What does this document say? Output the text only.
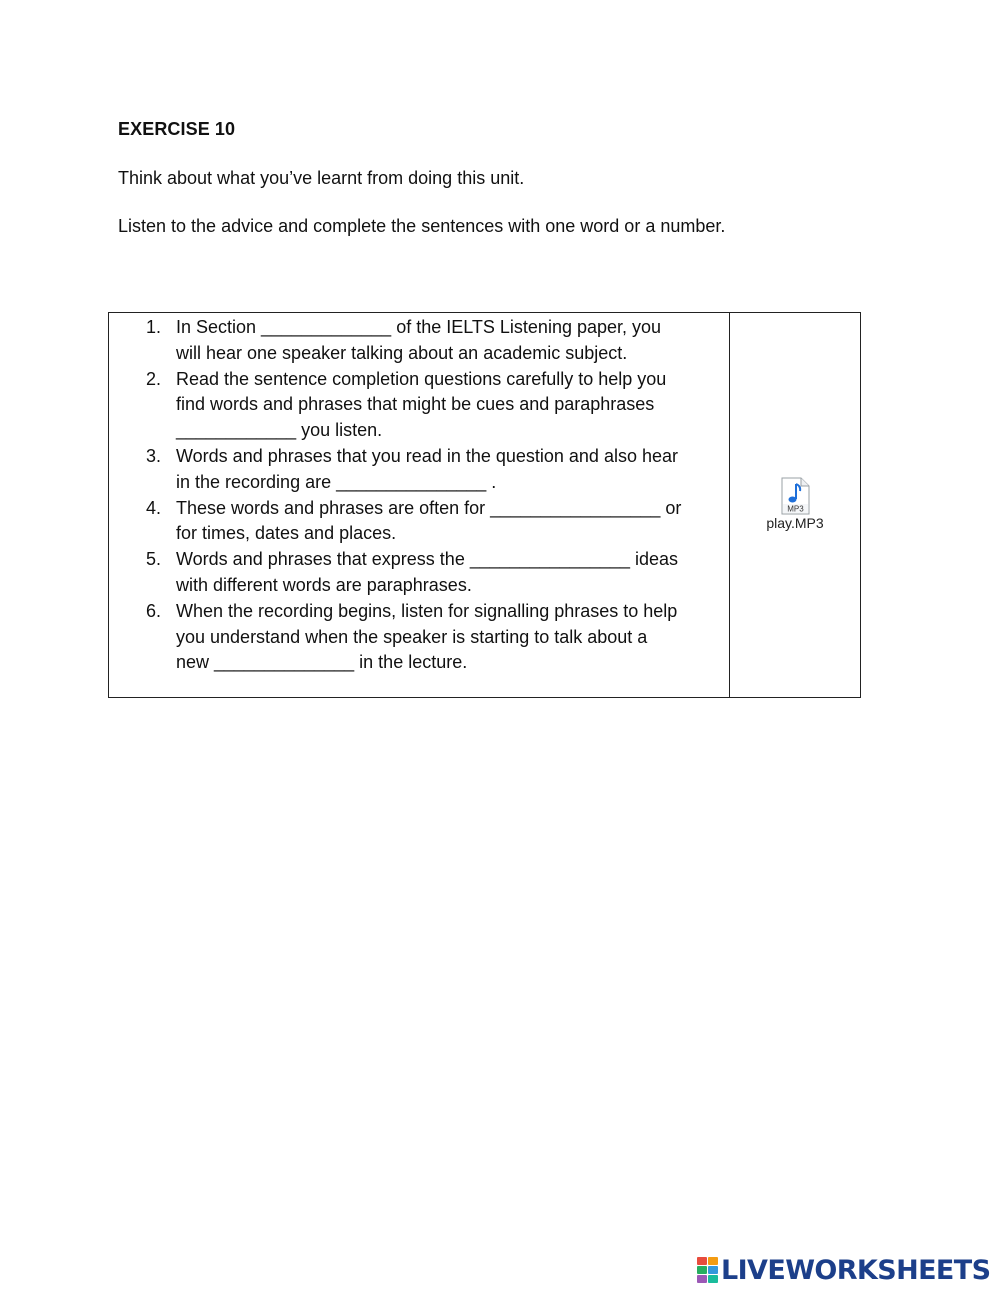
EXERCISE 10
Think about what you’ve learnt from doing this unit.
Listen to the advice and complete the sentences with one word or a number.
1. In Section _____________ of the IELTS Listening paper, you
will hear one speaker talking about an academic subject.
2. Read the sentence completion questions carefully to help you
find words and phrases that might be cues and paraphrases
____________ you listen.
3. Words and phrases that you read in the question and also hear
in the recording are _______________ .
4. These words and phrases are often for _________________ or
for times, dates and places.
5. Words and phrases that express the ________________ ideas
with different words are paraphrases.
6. When the recording begins, listen for signalling phrases to help
you understand when the speaker is starting to talk about a
new ______________ in the lecture.
MP3
play.MP3
LIVEWORKSHEETS
